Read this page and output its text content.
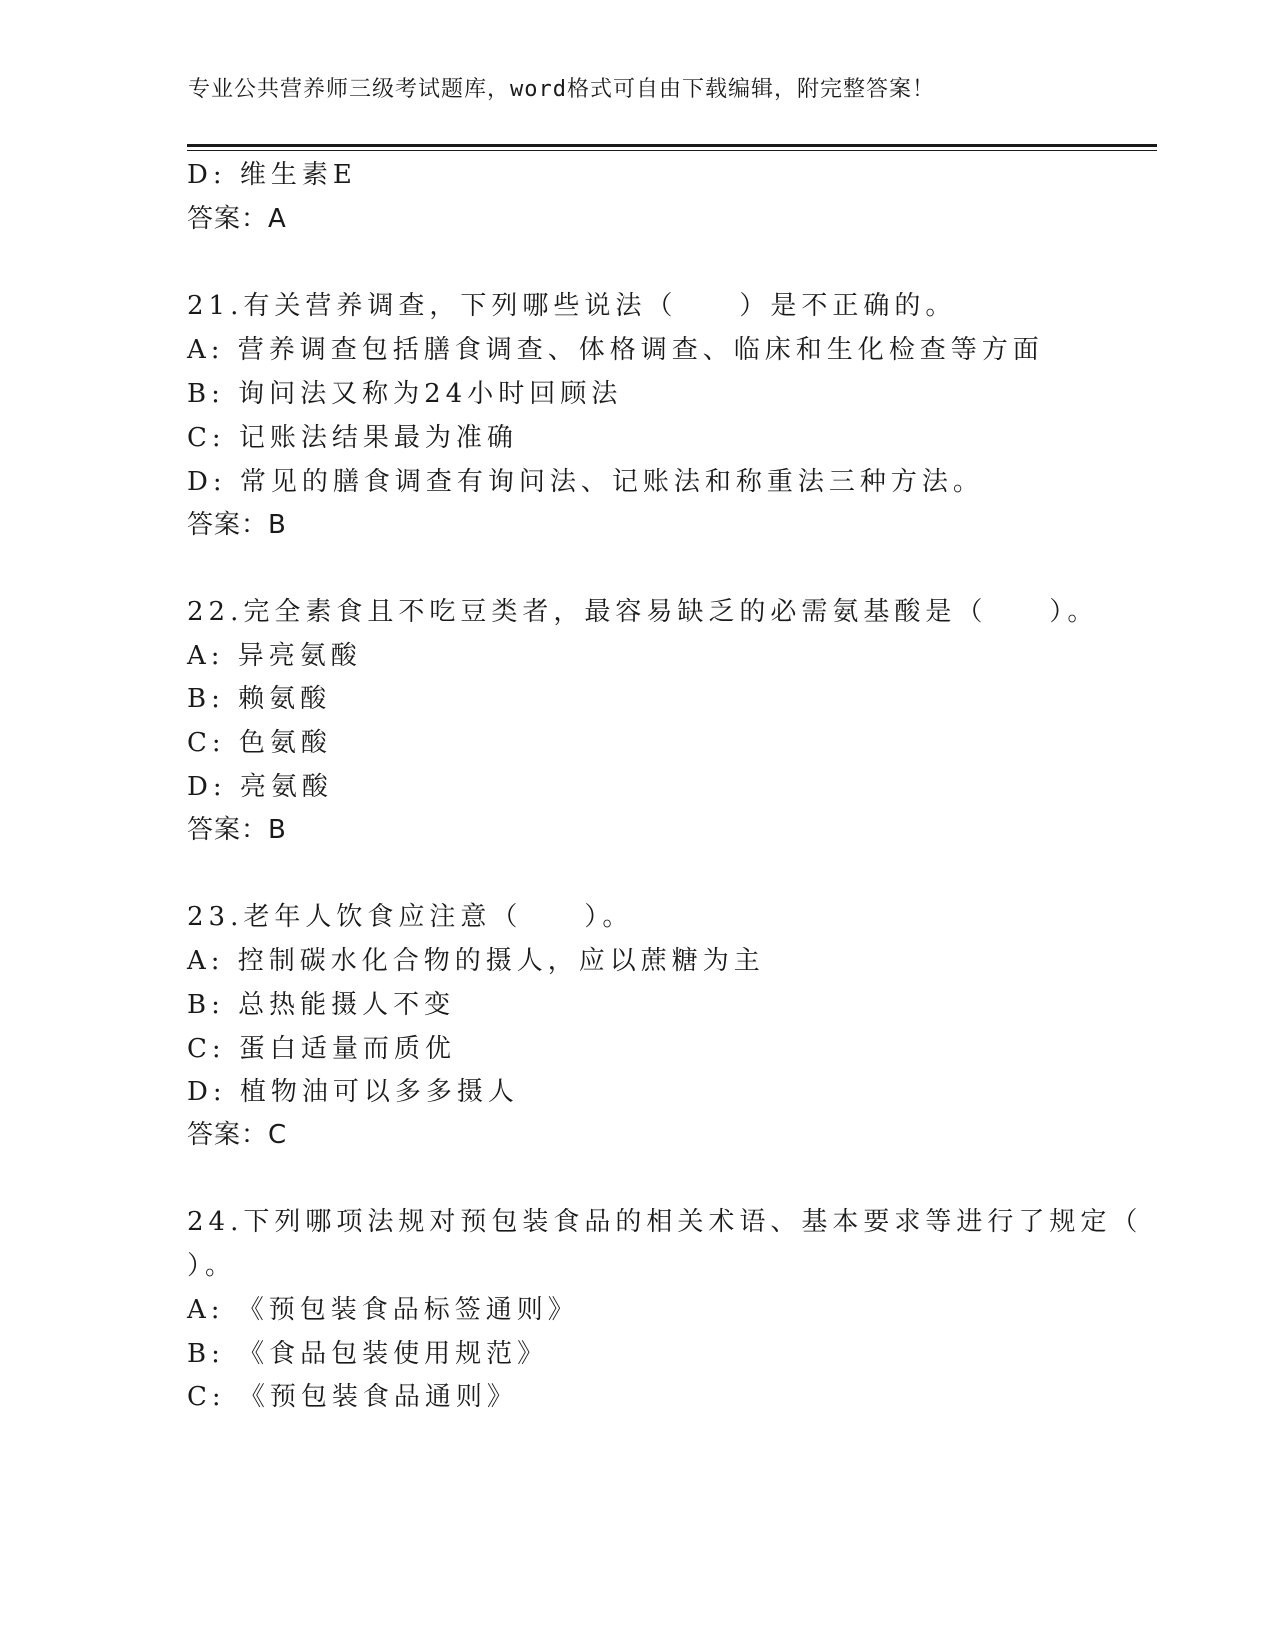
专业公共营养师三级考试题库，word格式可自由下载编辑，附完整答案！
D: 维生素E
答案：A
21.有关营养调查，下列哪些说法（　　）是不正确的。
A: 营养调查包括膳食调查、体格调查、临床和生化检查等方面
B: 询问法又称为24小时回顾法
C: 记账法结果最为准确
D: 常见的膳食调查有询问法、记账法和称重法三种方法。
答案：B
22.完全素食且不吃豆类者，最容易缺乏的必需氨基酸是（　　）。
A: 异亮氨酸
B: 赖氨酸
C: 色氨酸
D: 亮氨酸
答案：B
23.老年人饮食应注意（　　）。
A: 控制碳水化合物的摄人，应以蔗糖为主
B: 总热能摄人不变
C: 蛋白适量而质优
D: 植物油可以多多摄人
答案：C
24.下列哪项法规对预包装食品的相关术语、基本要求等进行了规定（
）。
A: 《预包装食品标签通则》
B: 《食品包装使用规范》
C: 《预包装食品通则》
